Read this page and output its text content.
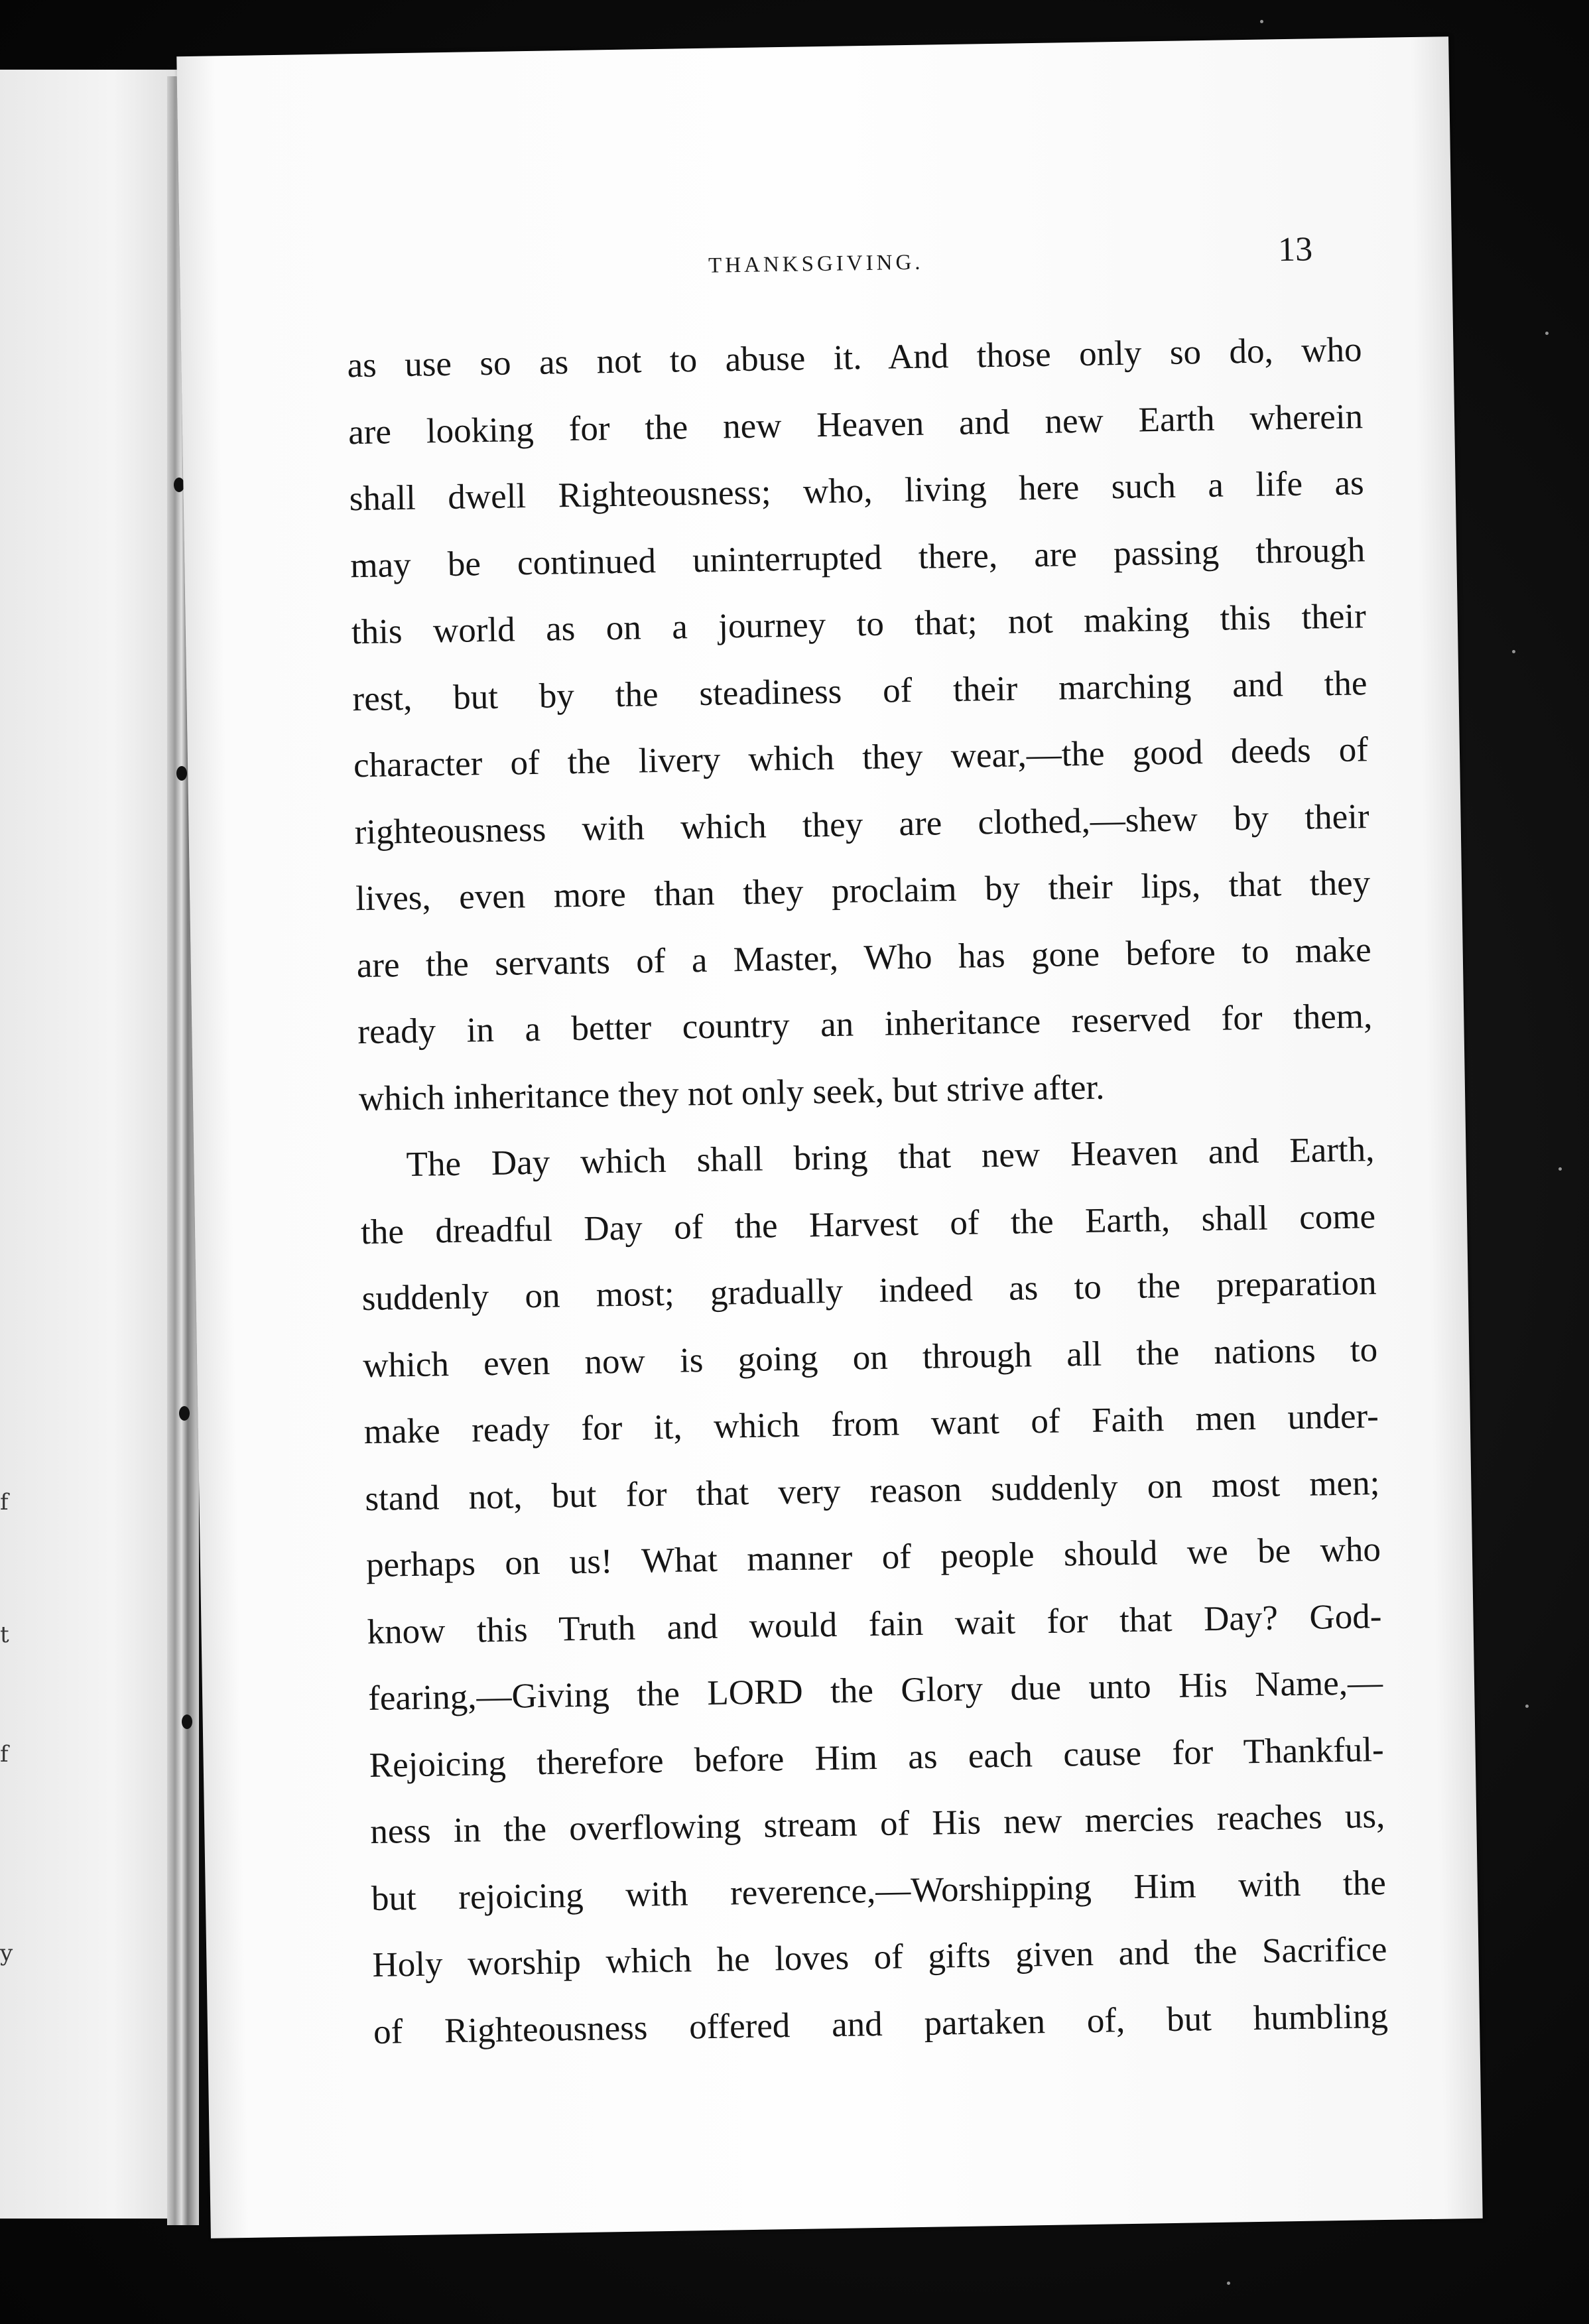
f
t
f
y
THANKSGIVING.	13
as use so as not to abuse it. And those only so do, who
are looking for the new Heaven and new Earth wherein
shall dwell Righteousness; who, living here such a life as
may be continued uninterrupted there, are passing through
this world as on a journey to that; not making this their
rest, but by the steadiness of their marching and the
character of the livery which they wear,—the good deeds of
righteousness with which they are clothed,—shew by their
lives, even more than they proclaim by their lips, that they
are the servants of a Master, Who has gone before to make
ready in a better country an inheritance reserved for them,
which inheritance they not only seek, but strive after.
The Day which shall bring that new Heaven and Earth,
the dreadful Day of the Harvest of the Earth, shall come
suddenly on most; gradually indeed as to the preparation
which even now is going on through all the nations to
make ready for it, which from want of Faith men under-
stand not, but for that very reason suddenly on most men;
perhaps on us! What manner of people should we be who
know this Truth and would fain wait for that Day? God-
fearing,—Giving the LORD the Glory due unto His Name,—
Rejoicing therefore before Him as each cause for Thankful-
ness in the overflowing stream of His new mercies reaches us,
but rejoicing with reverence,—Worshipping Him with the
Holy worship which he loves of gifts given and the Sacrifice
of Righteousness offered and partaken of, but humbling
